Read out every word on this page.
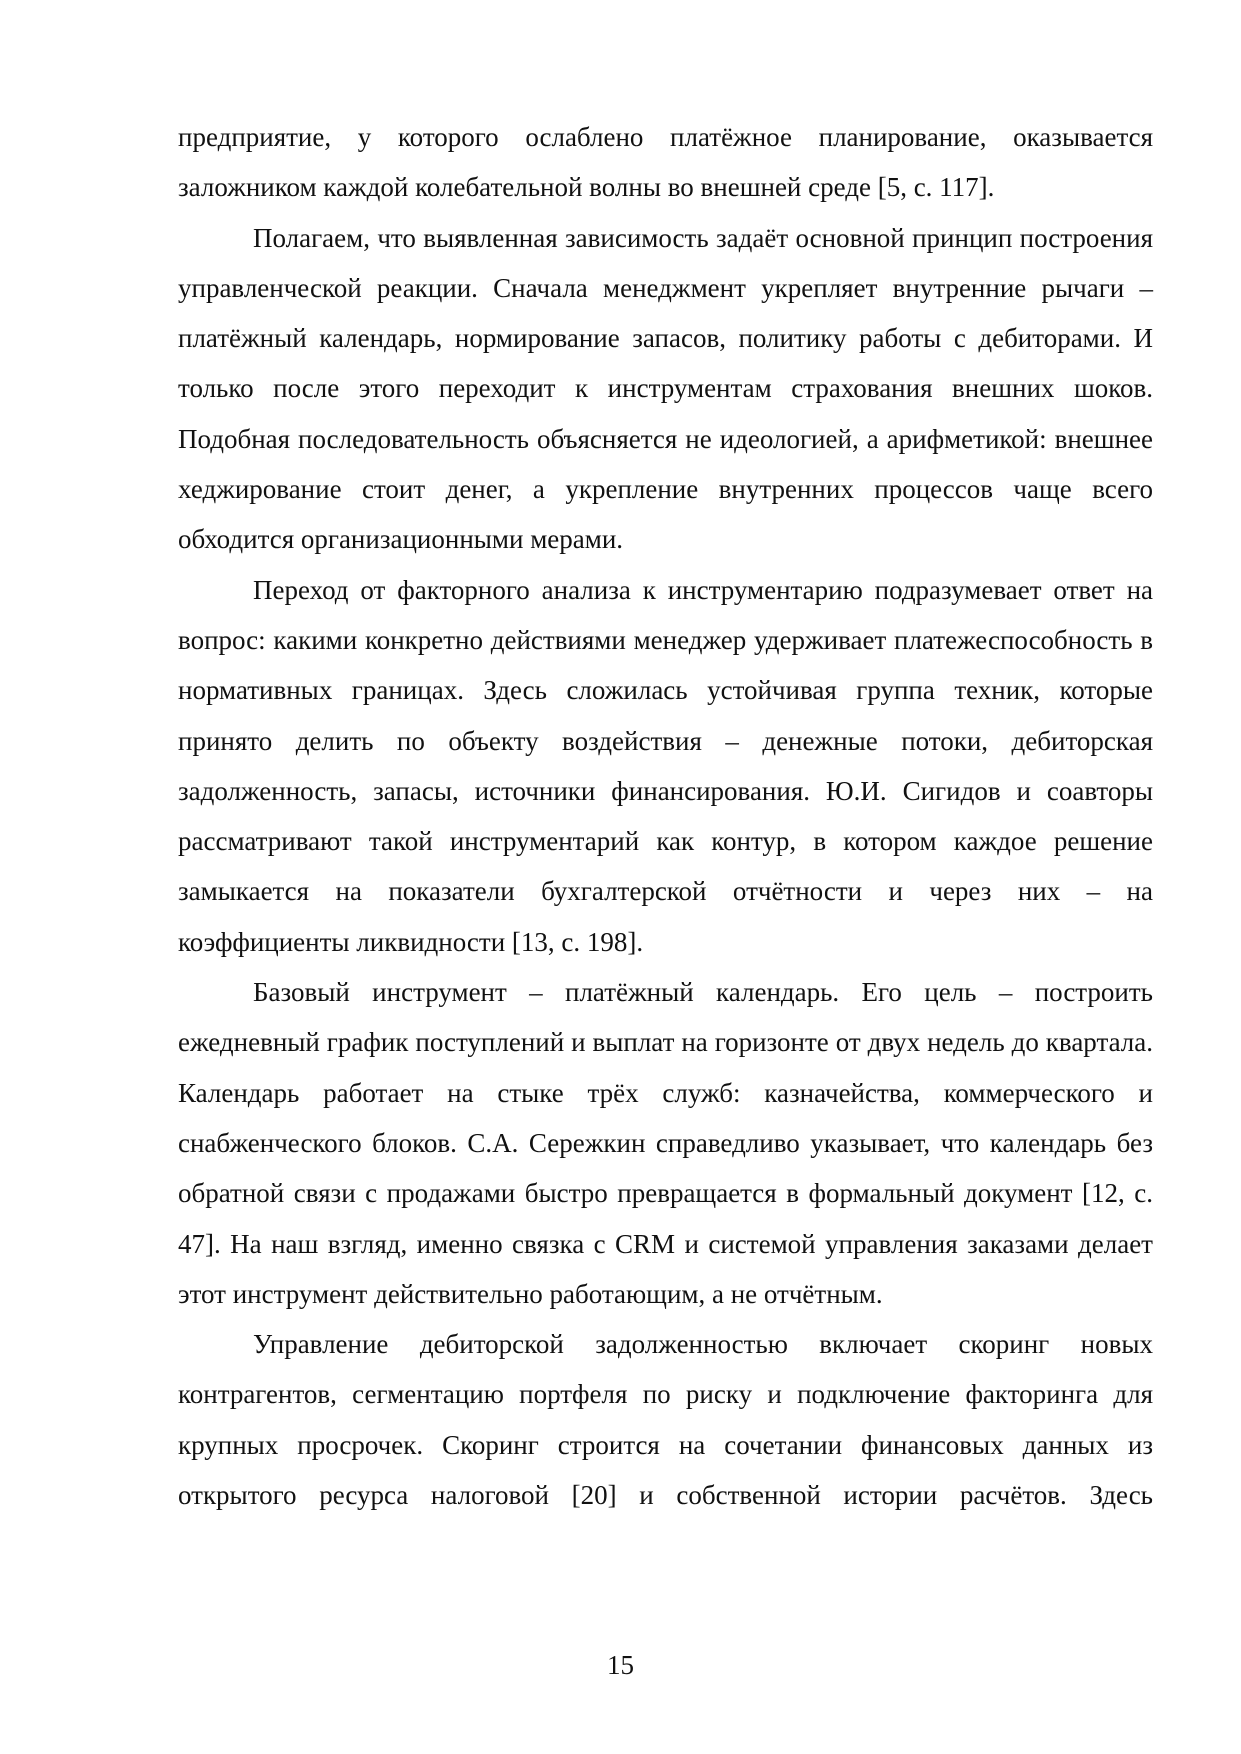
предприятие, у которого ослаблено платёжное планирование, оказывается заложником каждой колебательной волны во внешней среде [5, с. 117].

Полагаем, что выявленная зависимость задаёт основной принцип построения управленческой реакции. Сначала менеджмент укрепляет внутренние рычаги – платёжный календарь, нормирование запасов, политику работы с дебиторами. И только после этого переходит к инструментам страхования внешних шоков. Подобная последовательность объясняется не идеологией, а арифметикой: внешнее хеджирование стоит денег, а укрепление внутренних процессов чаще всего обходится организационными мерами.

Переход от факторного анализа к инструментарию подразумевает ответ на вопрос: какими конкретно действиями менеджер удерживает платежеспособность в нормативных границах. Здесь сложилась устойчивая группа техник, которые принято делить по объекту воздействия – денежные потоки, дебиторская задолженность, запасы, источники финансирования. Ю.И. Сигидов и соавторы рассматривают такой инструментарий как контур, в котором каждое решение замыкается на показатели бухгалтерской отчётности и через них – на коэффициенты ликвидности [13, с. 198].

Базовый инструмент – платёжный календарь. Его цель – построить ежедневный график поступлений и выплат на горизонте от двух недель до квартала. Календарь работает на стыке трёх служб: казначейства, коммерческого и снабженческого блоков. С.А. Сережкин справедливо указывает, что календарь без обратной связи с продажами быстро превращается в формальный документ [12, с. 47]. На наш взгляд, именно связка с CRM и системой управления заказами делает этот инструмент действительно работающим, а не отчётным.

Управление дебиторской задолженностью включает скоринг новых контрагентов, сегментацию портфеля по риску и подключение факторинга для крупных просрочек. Скоринг строится на сочетании финансовых данных из открытого ресурса налоговой [20] и собственной истории расчётов. Здесь

15
